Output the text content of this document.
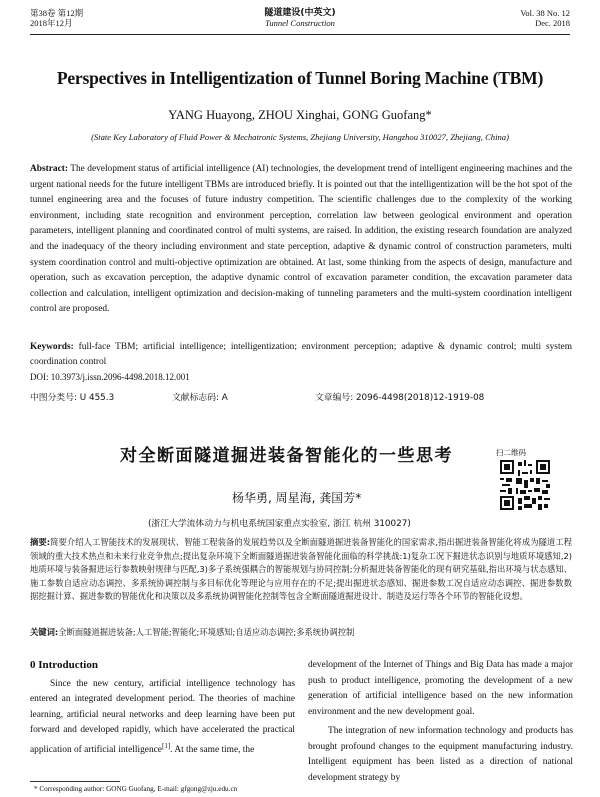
第38卷 第12期
2018年12月
隧道建设(中英文)
Tunnel Construction
Vol. 38 No. 12
Dec. 2018
Perspectives in Intelligentization of Tunnel Boring Machine (TBM)
YANG Huayong, ZHOU Xinghai, GONG Guofang*
(State Key Laboratory of Fluid Power & Mechatronic Systems, Zhejiang University, Hangzhou 310027, Zhejiang, China)
Abstract: The development status of artificial intelligence (AI) technologies, the development trend of intelligent engineering machines and the urgent national needs for the future intelligent TBMs are introduced briefly. It is pointed out that the intelligentization will be the hot spot of the tunnel engineering area and the focuses of future industry competition. The scientific challenges due to the complexity of the working environment, including state recognition and environment perception, correlation law between geological environment and operation parameters, intelligent planning and coordinated control of multi systems, are raised. In addition, the existing research foundation are analyzed and the inadequacy of the theory including environment and state perception, adaptive & dynamic control of construction parameters, multi system coordination control and multi-objective optimization are obtained. At last, some thinking from the aspects of design, manufacture and operation, such as excavation perception, the adaptive dynamic control of excavation parameter condition, the excavation parameter data collection and calculation, intelligent optimization and decision-making of tunneling parameters and the multi-system coordination intelligent control are proposed.
Keywords: full-face TBM; artificial intelligence; intelligentization; environment perception; adaptive & dynamic control; multi system coordination control
DOI: 10.3973/j.issn.2096-4498.2018.12.001
中图分类号: U 455.3	文献标志码: A	文章编号: 2096-4498(2018)12-1919-08
对全断面隧道掘进装备智能化的一些思考	扫二维码
杨华勇, 周星海, 龚国芳*
(浙江大学流体动力与机电系统国家重点实验室, 浙江 杭州 310027)
摘要:简要介绍人工智能技术的发展现状、智能工程装备的发展趋势以及全断面隧道掘进装备智能化的国家需求,指出掘进装备智能化将成为隧道工程领域的重大技术热点和未来行业竞争焦点;提出复杂环境下全断面隧道掘进装备智能化面临的科学挑战:1)复杂工况下掘进状态识别与地质环境感知,2)地质环境与装备掘进运行参数映射规律与匹配,3)多子系统强耦合的智能规划与协同控制;分析掘进装备智能化的现有研究基础,指出环境与状态感知、施工参数自适应动态调控、多系统协调控制与多目标优化等理论与应用存在的不足;提出掘进状态感知、掘进参数工况自适应动态调控、掘进参数数据挖掘计算、掘进参数的智能优化和决策以及多系统协调智能化控制等包含全断面隧道掘进设计、制造及运行等各个环节的智能化设想。
关键词:全断面隧道掘进装备;人工智能;智能化;环境感知;自适应动态调控;多系统协调控制
0 Introduction

Since the new century, artificial intelligence technology has entered an integrated development period. The theories of machine learning, artificial neural networks and deep learning have been put forward and developed rapidly, which have accelerated the practical application of artificial intelligence[1]. At the same time, the

development of the Internet of Things and Big Data has made a major push to product intelligence, promoting the development of a new generation of artificial intelligence based on the new information environment and the new development goal.

The integration of new information technology and products has brought profound changes to the equipment manufacturing industry. Intelligent equipment has been listed as a direction of national development strategy by

* Corresponding author: GONG Guofang, E-mail: gfgong@zju.edu.cn
